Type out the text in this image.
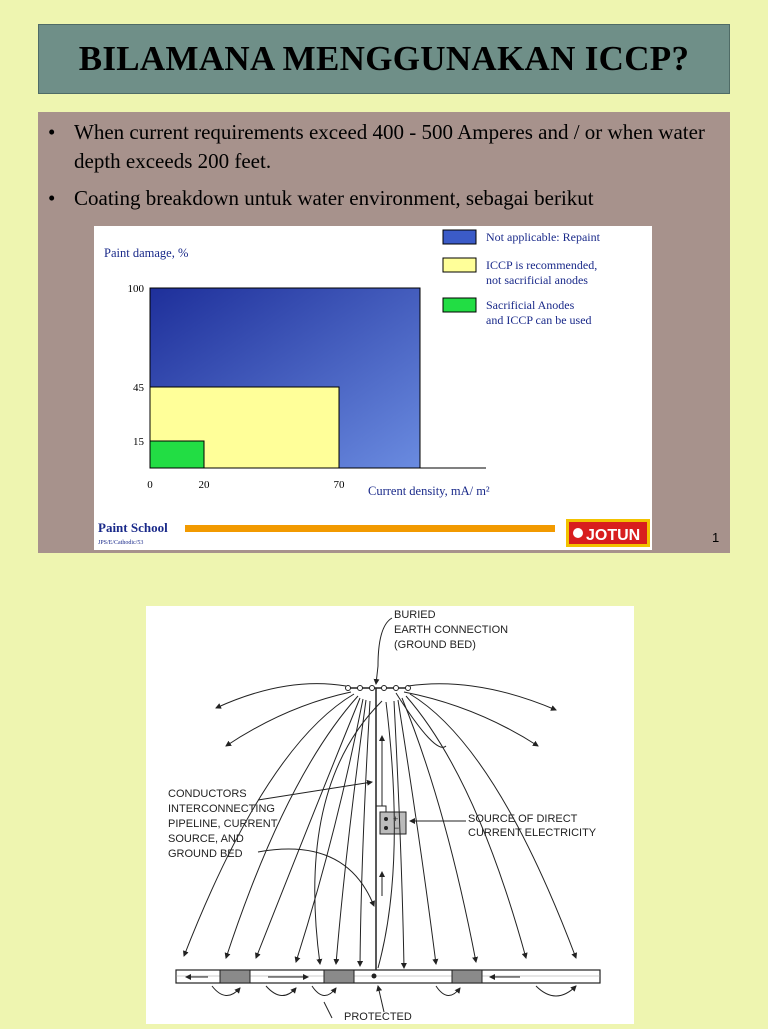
BILAMANA MENGGUNAKAN ICCP?
• When current requirements exceed 400 - 500 Amperes and / or when water depth exceeds 200 feet.
• Coating breakdown untuk water environment, sebagai berikut
Paint damage, %
100
45
15
0	20	70 Current density, mA/ m²
Not applicable: Repaint
ICCP is recommended,
not sacrificial anodes
Sacrificial Anodes
and ICCP can be used
Paint School
JPS/E/Cathodic/53	JOTUN	1
BURIED
EARTH CONNECTION
(GROUND BED)
CONDUCTORS
INTERCONNECTING
PIPELINE, CURRENT
SOURCE, AND
GROUND BED
SOURCE OF DIRECT
CURRENT ELECTRICITY
PROTECTED
+
−
